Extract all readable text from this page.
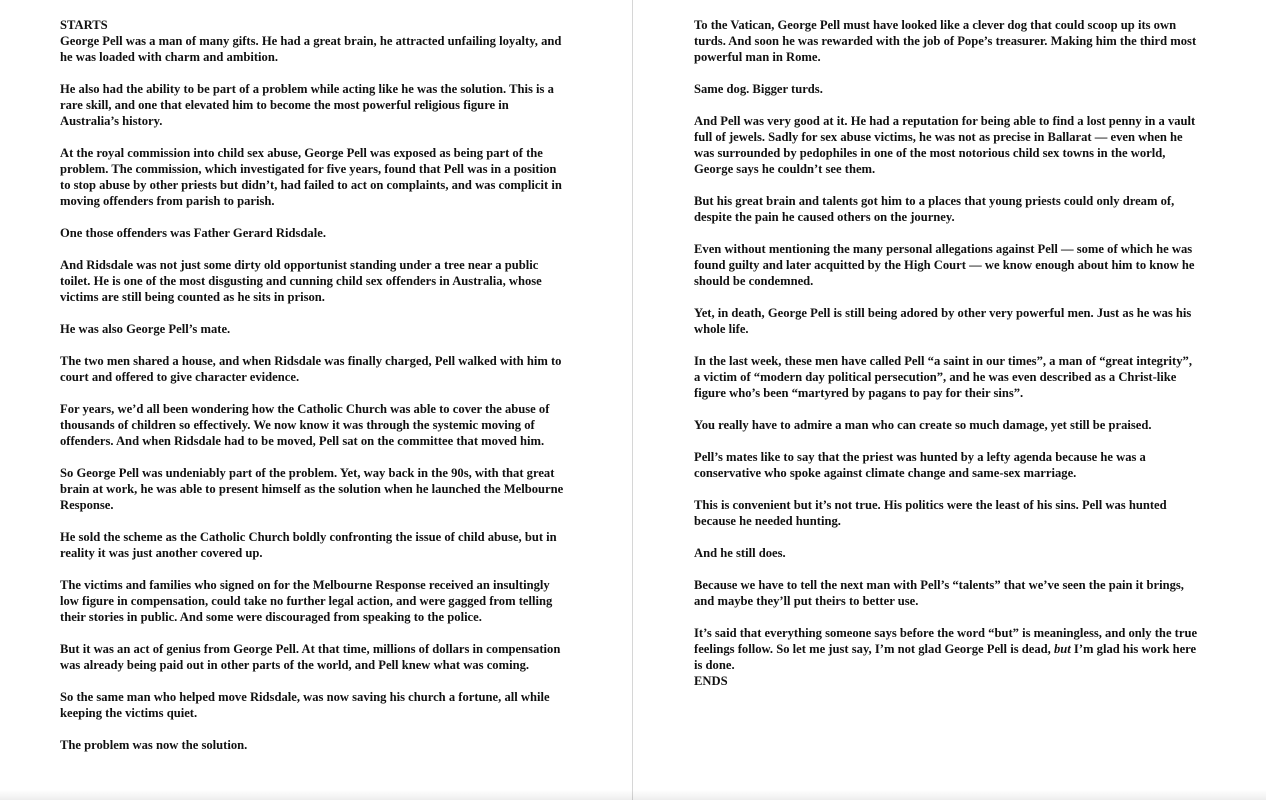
STARTS
George Pell was a man of many gifts. He had a great brain, he attracted unfailing loyalty, and
he was loaded with charm and ambition.
He also had the ability to be part of a problem while acting like he was the solution. This is a
rare skill, and one that elevated him to become the most powerful religious figure in
Australia’s history.
At the royal commission into child sex abuse, George Pell was exposed as being part of the
problem. The commission, which investigated for five years, found that Pell was in a position
to stop abuse by other priests but didn’t, had failed to act on complaints, and was complicit in
moving offenders from parish to parish.
One those offenders was Father Gerard Ridsdale.
And Ridsdale was not just some dirty old opportunist standing under a tree near a public
toilet. He is one of the most disgusting and cunning child sex offenders in Australia, whose
victims are still being counted as he sits in prison.
He was also George Pell’s mate.
The two men shared a house, and when Ridsdale was finally charged, Pell walked with him to
court and offered to give character evidence.
For years, we’d all been wondering how the Catholic Church was able to cover the abuse of
thousands of children so effectively. We now know it was through the systemic moving of
offenders. And when Ridsdale had to be moved, Pell sat on the committee that moved him.
So George Pell was undeniably part of the problem. Yet, way back in the 90s, with that great
brain at work, he was able to present himself as the solution when he launched the Melbourne
Response.
He sold the scheme as the Catholic Church boldly confronting the issue of child abuse, but in
reality it was just another covered up.
The victims and families who signed on for the Melbourne Response received an insultingly
low figure in compensation, could take no further legal action, and were gagged from telling
their stories in public. And some were discouraged from speaking to the police.
But it was an act of genius from George Pell. At that time, millions of dollars in compensation
was already being paid out in other parts of the world, and Pell knew what was coming.
So the same man who helped move Ridsdale, was now saving his church a fortune, all while
keeping the victims quiet.
The problem was now the solution.
To the Vatican, George Pell must have looked like a clever dog that could scoop up its own
turds. And soon he was rewarded with the job of Pope’s treasurer. Making him the third most
powerful man in Rome.
Same dog. Bigger turds.
And Pell was very good at it. He had a reputation for being able to find a lost penny in a vault
full of jewels. Sadly for sex abuse victims, he was not as precise in Ballarat — even when he
was surrounded by pedophiles in one of the most notorious child sex towns in the world,
George says he couldn’t see them.
But his great brain and talents got him to a places that young priests could only dream of,
despite the pain he caused others on the journey.
Even without mentioning the many personal allegations against Pell — some of which he was
found guilty and later acquitted by the High Court — we know enough about him to know he
should be condemned.
Yet, in death, George Pell is still being adored by other very powerful men. Just as he was his
whole life.
In the last week, these men have called Pell “a saint in our times”, a man of “great integrity”,
a victim of “modern day political persecution”, and he was even described as a Christ-like
figure who’s been “martyred by pagans to pay for their sins”.
You really have to admire a man who can create so much damage, yet still be praised.
Pell’s mates like to say that the priest was hunted by a lefty agenda because he was a
conservative who spoke against climate change and same-sex marriage.
This is convenient but it’s not true. His politics were the least of his sins. Pell was hunted
because he needed hunting.
And he still does.
Because we have to tell the next man with Pell’s “talents” that we’ve seen the pain it brings,
and maybe they’ll put theirs to better use.
It’s said that everything someone says before the word “but” is meaningless, and only the true
feelings follow. So let me just say, I’m not glad George Pell is dead, but I’m glad his work here
is done.
ENDS
